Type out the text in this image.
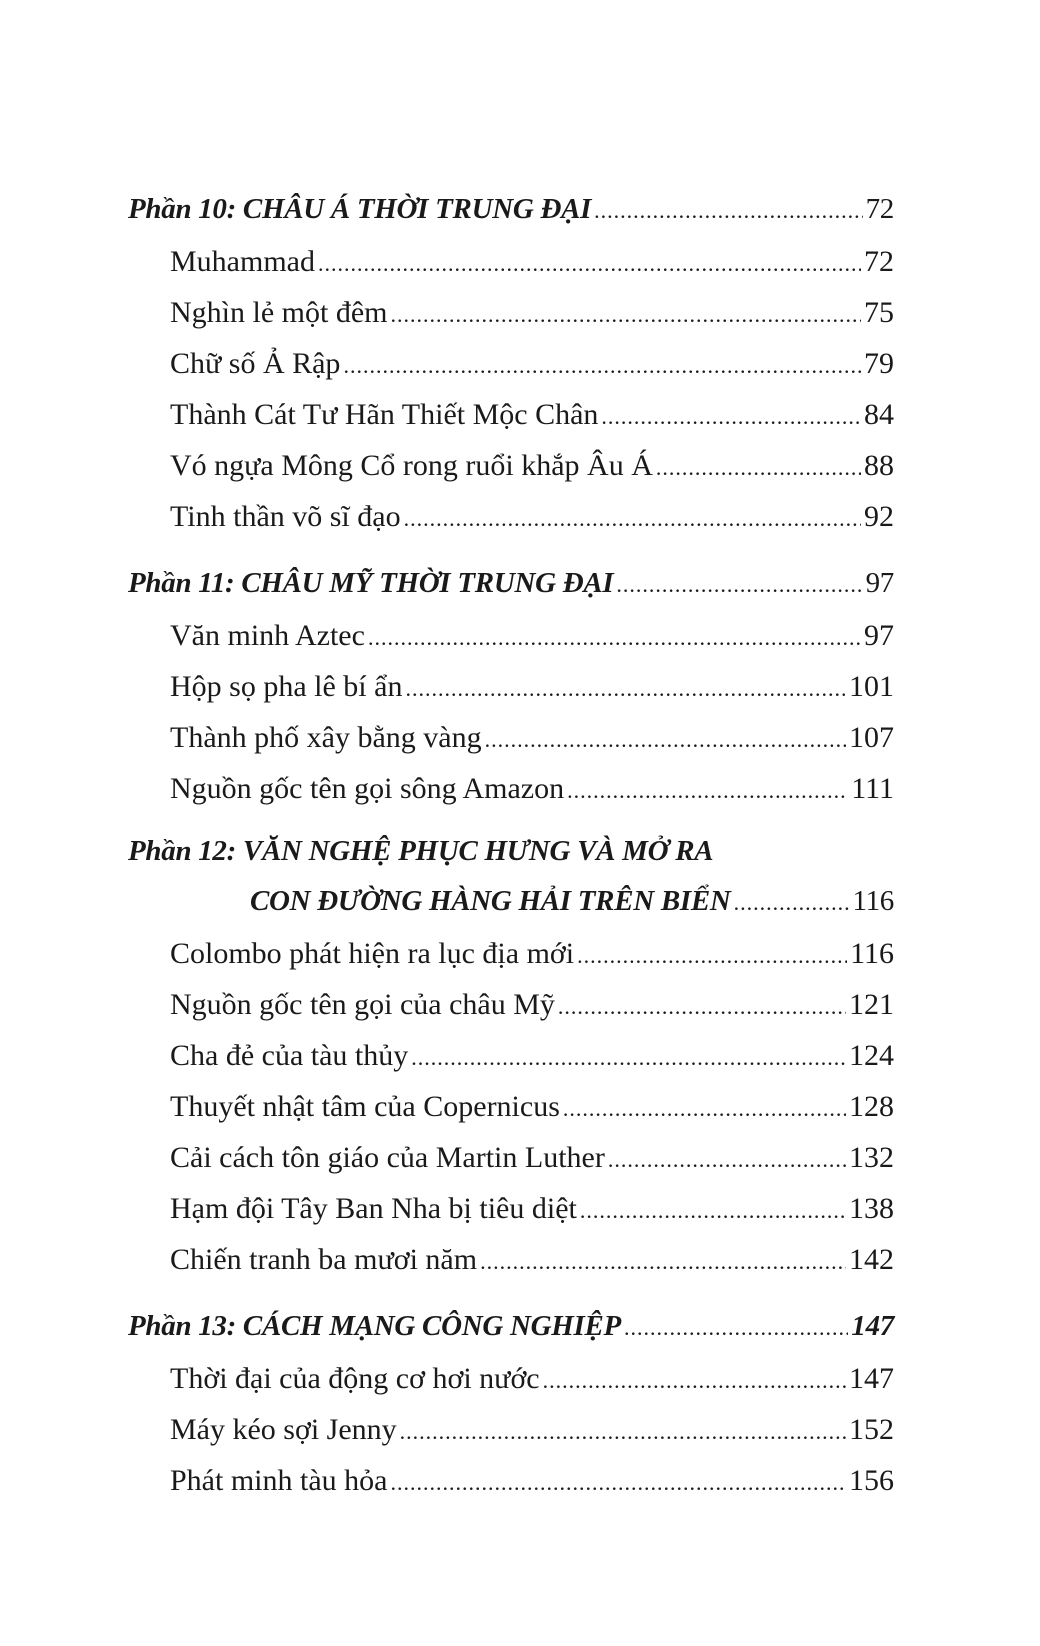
Phần 10: CHÂU Á THỜI TRUNG ĐẠI .....	72
Muhammad .....	72
Nghìn lẻ một đêm .....	75
Chữ số Ả Rập .....	79
Thành Cát Tư Hãn Thiết Mộc Chân .....	84
Vó ngựa Mông Cổ rong ruổi khắp Âu Á .....	88
Tinh thần võ sĩ đạo .....	92
Phần 11: CHÂU MỸ THỜI TRUNG ĐẠI .....	97
Văn minh Aztec .....	97
Hộp sọ pha lê bí ẩn .....	101
Thành phố xây bằng vàng .....	107
Nguồn gốc tên gọi sông Amazon .....	111
Phần 12: VĂN NGHỆ PHỤC HƯNG VÀ MỞ RA
CON ĐƯỜNG HÀNG HẢI TRÊN BIỂN .....	116
Colombo phát hiện ra lục địa mới .....	116
Nguồn gốc tên gọi của châu Mỹ .....	121
Cha đẻ của tàu thủy .....	124
Thuyết nhật tâm của Copernicus .....	128
Cải cách tôn giáo của Martin Luther .....	132
Hạm đội Tây Ban Nha bị tiêu diệt .....	138
Chiến tranh ba mươi năm .....	142
Phần 13: CÁCH MẠNG CÔNG NGHIỆP .....	147
Thời đại của động cơ hơi nước .....	147
Máy kéo sợi Jenny .....	152
Phát minh tàu hỏa .....	156
